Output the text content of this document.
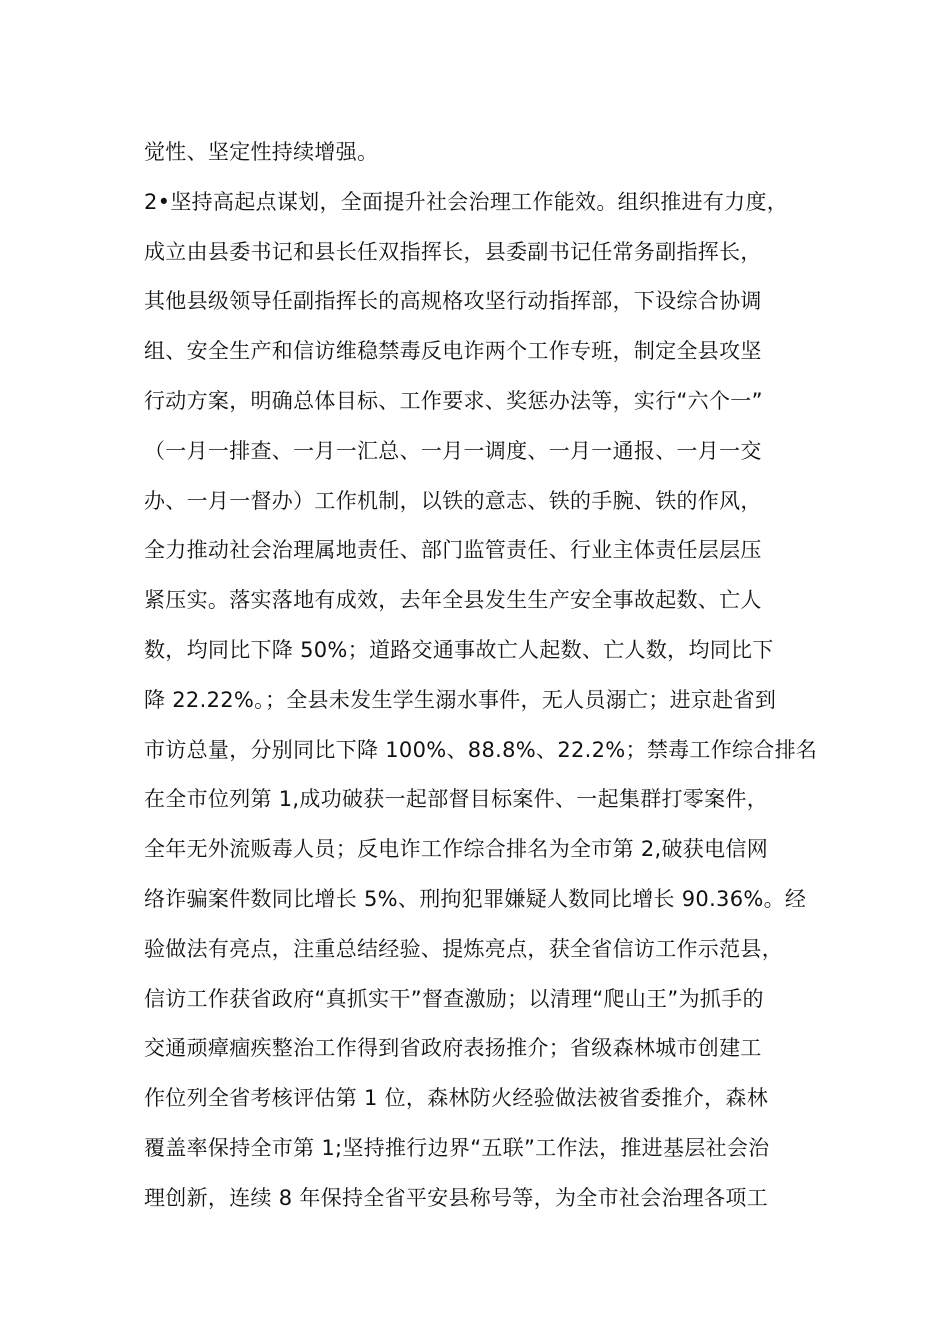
觉性、坚定性持续增强。
2•坚持高起点谋划，全面提升社会治理工作能效。组织推进有力度，
成立由县委书记和县长任双指挥长，县委副书记任常务副指挥长，
其他县级领导任副指挥长的高规格攻坚行动指挥部，下设综合协调
组、安全生产和信访维稳禁毒反电诈两个工作专班，制定全县攻坚
行动方案，明确总体目标、工作要求、奖惩办法等，实行“六个一”
（一月一排查、一月一汇总、一月一调度、一月一通报、一月一交
办、一月一督办）工作机制，以铁的意志、铁的手腕、铁的作风，
全力推动社会治理属地责任、部门监管责任、行业主体责任层层压
紧压实。落实落地有成效，去年全县发生生产安全事故起数、亡人
数，均同比下降 50%；道路交通事故亡人起数、亡人数，均同比下
降 22.22%。；全县未发生学生溺水事件，无人员溺亡；进京赴省到
市访总量，分别同比下降 100%、88.8%、22.2%；禁毒工作综合排名
在全市位列第 1,成功破获一起部督目标案件、一起集群打零案件，
全年无外流贩毒人员；反电诈工作综合排名为全市第 2,破获电信网
络诈骗案件数同比增长 5%、刑拘犯罪嫌疑人数同比增长 90.36%。经
验做法有亮点，注重总结经验、提炼亮点，获全省信访工作示范县，
信访工作获省政府“真抓实干”督查激励；以清理“爬山王”为抓手的
交通顽瘴痼疾整治工作得到省政府表扬推介；省级森林城市创建工
作位列全省考核评估第 1 位，森林防火经验做法被省委推介，森林
覆盖率保持全市第 1;坚持推行边界“五联”工作法，推进基层社会治
理创新，连续 8 年保持全省平安县称号等，为全市社会治理各项工
